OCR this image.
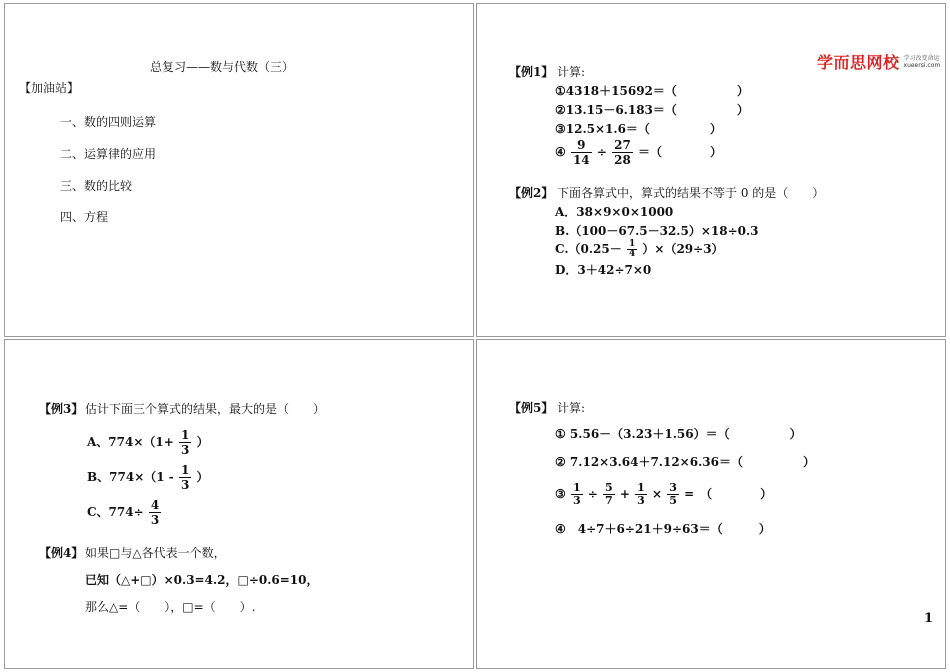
总复习——数与代数（三）
【加油站】
一、数的四则运算
二、运算律的应用
三、数的比较
四、方程
学而思网校 学习改变命运
xueersi.com
【例1】 计算:
①4318＋15692＝（　　　　　）
②13.15－6.183＝（　　　　　）
③12.5×1.6＝（　　　　　）
④ $\frac{9}{14} \div \frac{27}{28}$ ＝（　　　　）
【例2】 下面各算式中，算式的结果不等于 0 的是（　　）
A．38×9×0×1000
B.（100－67.5－32.5）×18÷0.3
$C.(0.25- \frac{1}{4} )\times(29\div 3)$
D．3＋42÷7×0
【例3】 估计下面三个算式的结果，最大的是（　　）
A、$774\times(1+ \frac{1}{3}$ ）
B、$774\times(1 - \frac{1}{3}$ ）
C、$774\div \frac{4}{3}$
【例4】 如果□与△各代表一个数，
已知（△+□）×0.3=4.2，□÷0.6=10，
那么△=（　　），□=（　　）.
【例5】 计算:
① 5.56－（3.23＋1.56）＝（　　　　　）
② 7.12×3.64＋7.12×6.36＝（　　　　　）
③ $\frac{1}{3} \div \frac{5}{7} + \frac{1}{3} \times \frac{3}{5}$ =　（　　　　）
④　4÷7＋6÷21＋9÷63＝（　　　）
1
